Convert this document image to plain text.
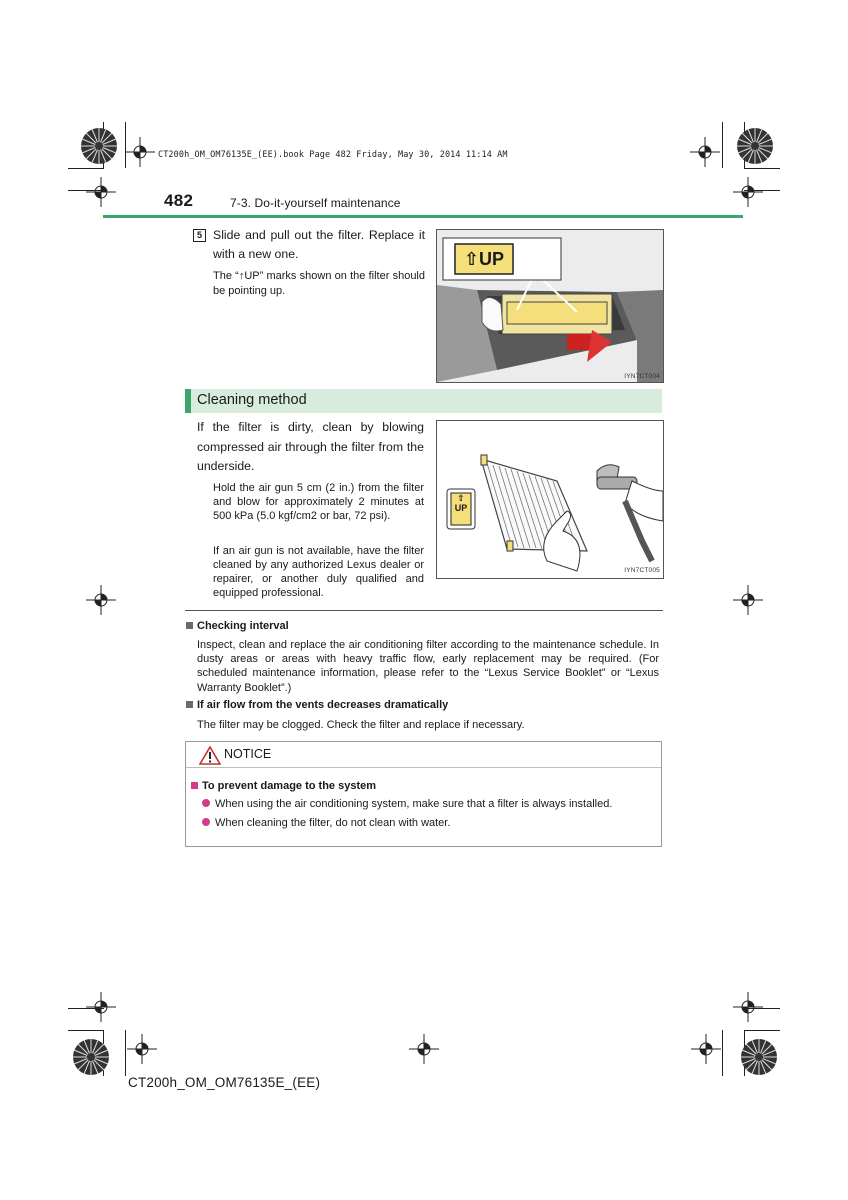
CT200h_OM_OM76135E_(EE).book Page 482 Friday, May 30, 2014 11:14 AM
482	7-3. Do-it-yourself maintenance
5 Slide and pull out the filter. Replace it with a new one.
The “↑UP” marks shown on the filter should be pointing up.
⇧UP
IYN7CT004
Cleaning method
If the filter is dirty, clean by blowing compressed air through the filter from the underside.
Hold the air gun 5 cm (2 in.) from the filter and blow for approximately 2 minutes at 500 kPa (5.0 kgf/cm2 or bar, 72 psi).
If an air gun is not available, have the filter cleaned by any authorized Lexus dealer or repairer, or another duly qualified and equipped professional.
⇧
UP
IYN7CT005
Checking interval
Inspect, clean and replace the air conditioning filter according to the maintenance schedule. In dusty areas or areas with heavy traffic flow, early replacement may be required. (For scheduled maintenance information, please refer to the “Lexus Service Booklet” or “Lexus Warranty Booklet”.)
If air flow from the vents decreases dramatically
The filter may be clogged. Check the filter and replace if necessary.
NOTICE
To prevent damage to the system
When using the air conditioning system, make sure that a filter is always installed.
When cleaning the filter, do not clean with water.
CT200h_OM_OM76135E_(EE)
